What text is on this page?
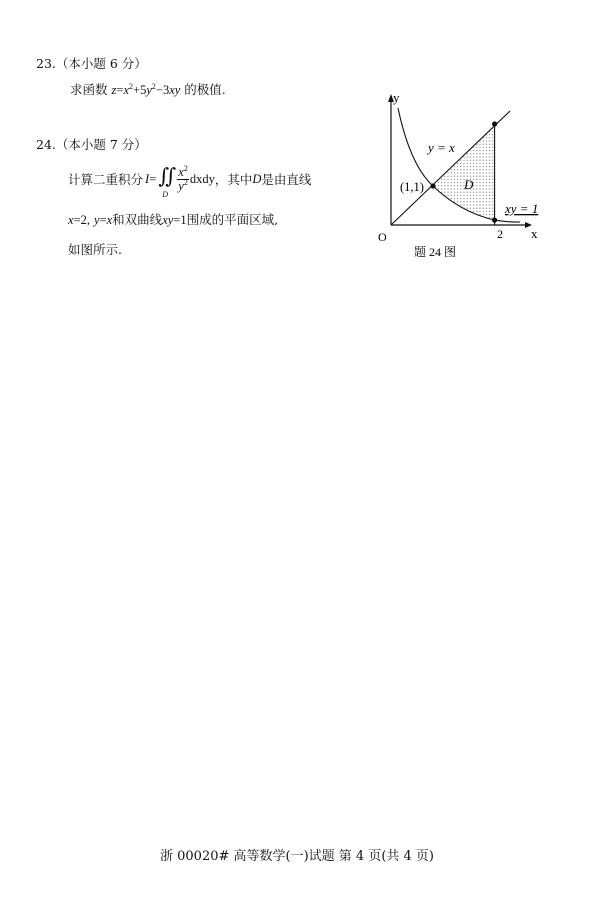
23.（本小题 6 分）
求函数 $z=x^2+5y^2-3xy$ 的极值.
24.（本小题 7 分）
计算二重积分 I = ∬
D
$\frac{x^2}{y^2}$ dxdy ，其中 D 是由直线
x=2, y=x和双曲线xy=1围成的平面区域,
如图所示.
y
x
O
y = x
D
(1,1)
xy = 1
2
题 24 图
浙 00020# 高等数学(一)试题 第 4 页(共 4 页)
